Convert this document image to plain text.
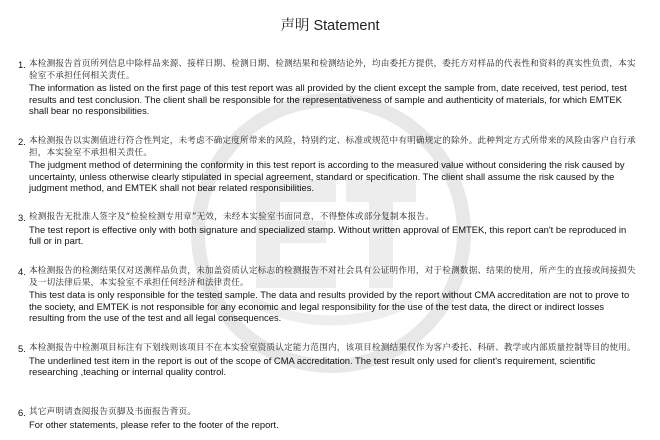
声明 Statement
1. 本检测报告首页所列信息中除样品来源、接样日期、检测日期、检测结果和检测结论外，均由委托方提供，委托方对样品的代表性和资料的真实性负责，本实验室不承担任何相关责任。
The information as listed on the first page of this test report was all provided by the client except the sample from, date received, test period, test results and test conclusion. The client shall be responsible for the representativeness of sample and authenticity of materials, for which EMTEK shall bear no responsibilities.
2. 本检测报告以实测值进行符合性判定，未考虑不确定度所带来的风险，特别约定、标准或规范中有明确规定的除外。此种判定方式所带来的风险由客户自行承担，本实验室不承担相关责任。
The judgment method of determining the conformity in this test report is according to the measured value without considering the risk caused by uncertainty, unless otherwise clearly stipulated in special agreement, standard or specification. The client shall assume the risk caused by the judgment method, and EMTEK shall not bear related responsibilities.
3. 检测报告无批准人签字及“检验检测专用章”无效，未经本实验室书面同意，不得整体或部分复制本报告。
The test report is effective only with both signature and specialized stamp. Without written approval of EMTEK, this report can't be reproduced in full or in part.
4. 本检测报告的检测结果仅对送测样品负责，未加盖资质认定标志的检测报告不对社会具有公证明作用，对于检测数据、结果的使用，所产生的直接或间接损失及一切法律后果，本实验室不承担任何经济和法律责任。
This test data is only responsible for the tested sample. The data and results provided by the report without CMA accreditation are not to prove to the society, and EMTEK is not responsible for any economic and legal responsibility for the use of the test data, the direct or indirect losses resulting from the use of the test and all legal consequences.
5. 本检测报告中检测项目标注有下划线则该项目不在本实验室资质认定能力范围内，该项目检测结果仅作为客户委托、科研、教学或内部质量控制等目的使用。
The underlined test item in the report is out of the scope of CMA accreditation. The test result only used for client's requirement, scientific researching ,teaching or internal quality control.
6. 其它声明请查阅报告页脚及书面报告背页。
For other statements, please refer to the footer of the report.
